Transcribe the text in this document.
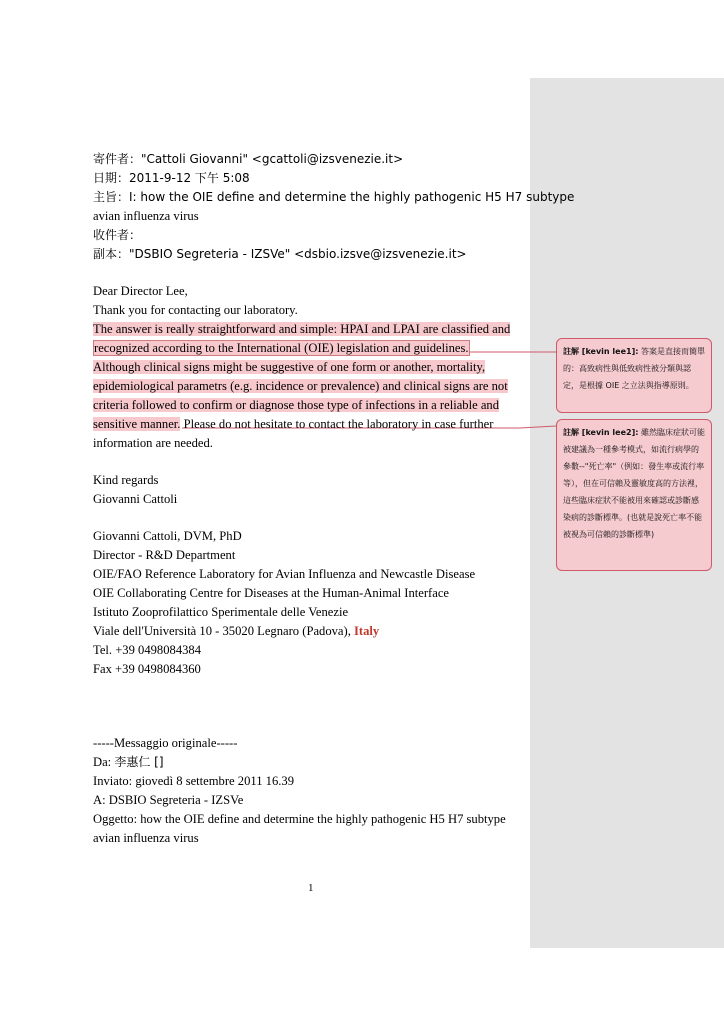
寄件者："Cattoli Giovanni" <gcattoli@izsvenezie.it>
日期：2011-9-12 下午 5:08
主旨：I: how the OIE define and determine the highly pathogenic H5 H7 subtype
avian influenza virus
收件者：
副本："DSBIO Segreteria - IZSVe" <dsbio.izsve@izsvenezie.it>
Dear Director Lee,
Thank you for contacting our laboratory.
The answer is really straightforward and simple: HPAI and LPAI are classified and
recognized according to the International (OIE) legislation and guidelines.
Although clinical signs might be suggestive of one form or another, mortality,
epidemiological parametrs (e.g. incidence or prevalence) and clinical signs are not
criteria followed to confirm or diagnose those type of infections in a reliable and
sensitive manner. Please do not hesitate to contact the laboratory in case further
information are needed.
Kind regards
Giovanni Cattoli
Giovanni Cattoli, DVM, PhD
Director - R&D Department
OIE/FAO Reference Laboratory for Avian Influenza and Newcastle Disease
OIE Collaborating Centre for Diseases at the Human-Animal Interface
Istituto Zooprofilattico Sperimentale delle Venezie
Viale dell'Università 10 - 35020 Legnaro (Padova), Italy
Tel. +39 0498084384
Fax +39 0498084360
-----Messaggio originale-----
Da: 李惠仁 []
Inviato: giovedì 8 settembre 2011 16.39
A: DSBIO Segreteria - IZSVe
Oggetto: how the OIE define and determine the highly pathogenic H5 H7 subtype
avian influenza virus
1
註解 [kevin lee1]: 答案是直接而簡單的：高致病性與低致病性被分類與認定，是根據 OIE 之立法與指導原則。
註解 [kevin lee2]: 雖然臨床症狀可能被建議為一種參考模式，如流行病學的參數--"死亡率"（例如：發生率或流行率等），但在可信賴及靈敏度高的方法裡，這些臨床症狀不能被用來確認或診斷感染病的診斷標準。(也就是說死亡率不能被視為可信賴的診斷標準)
